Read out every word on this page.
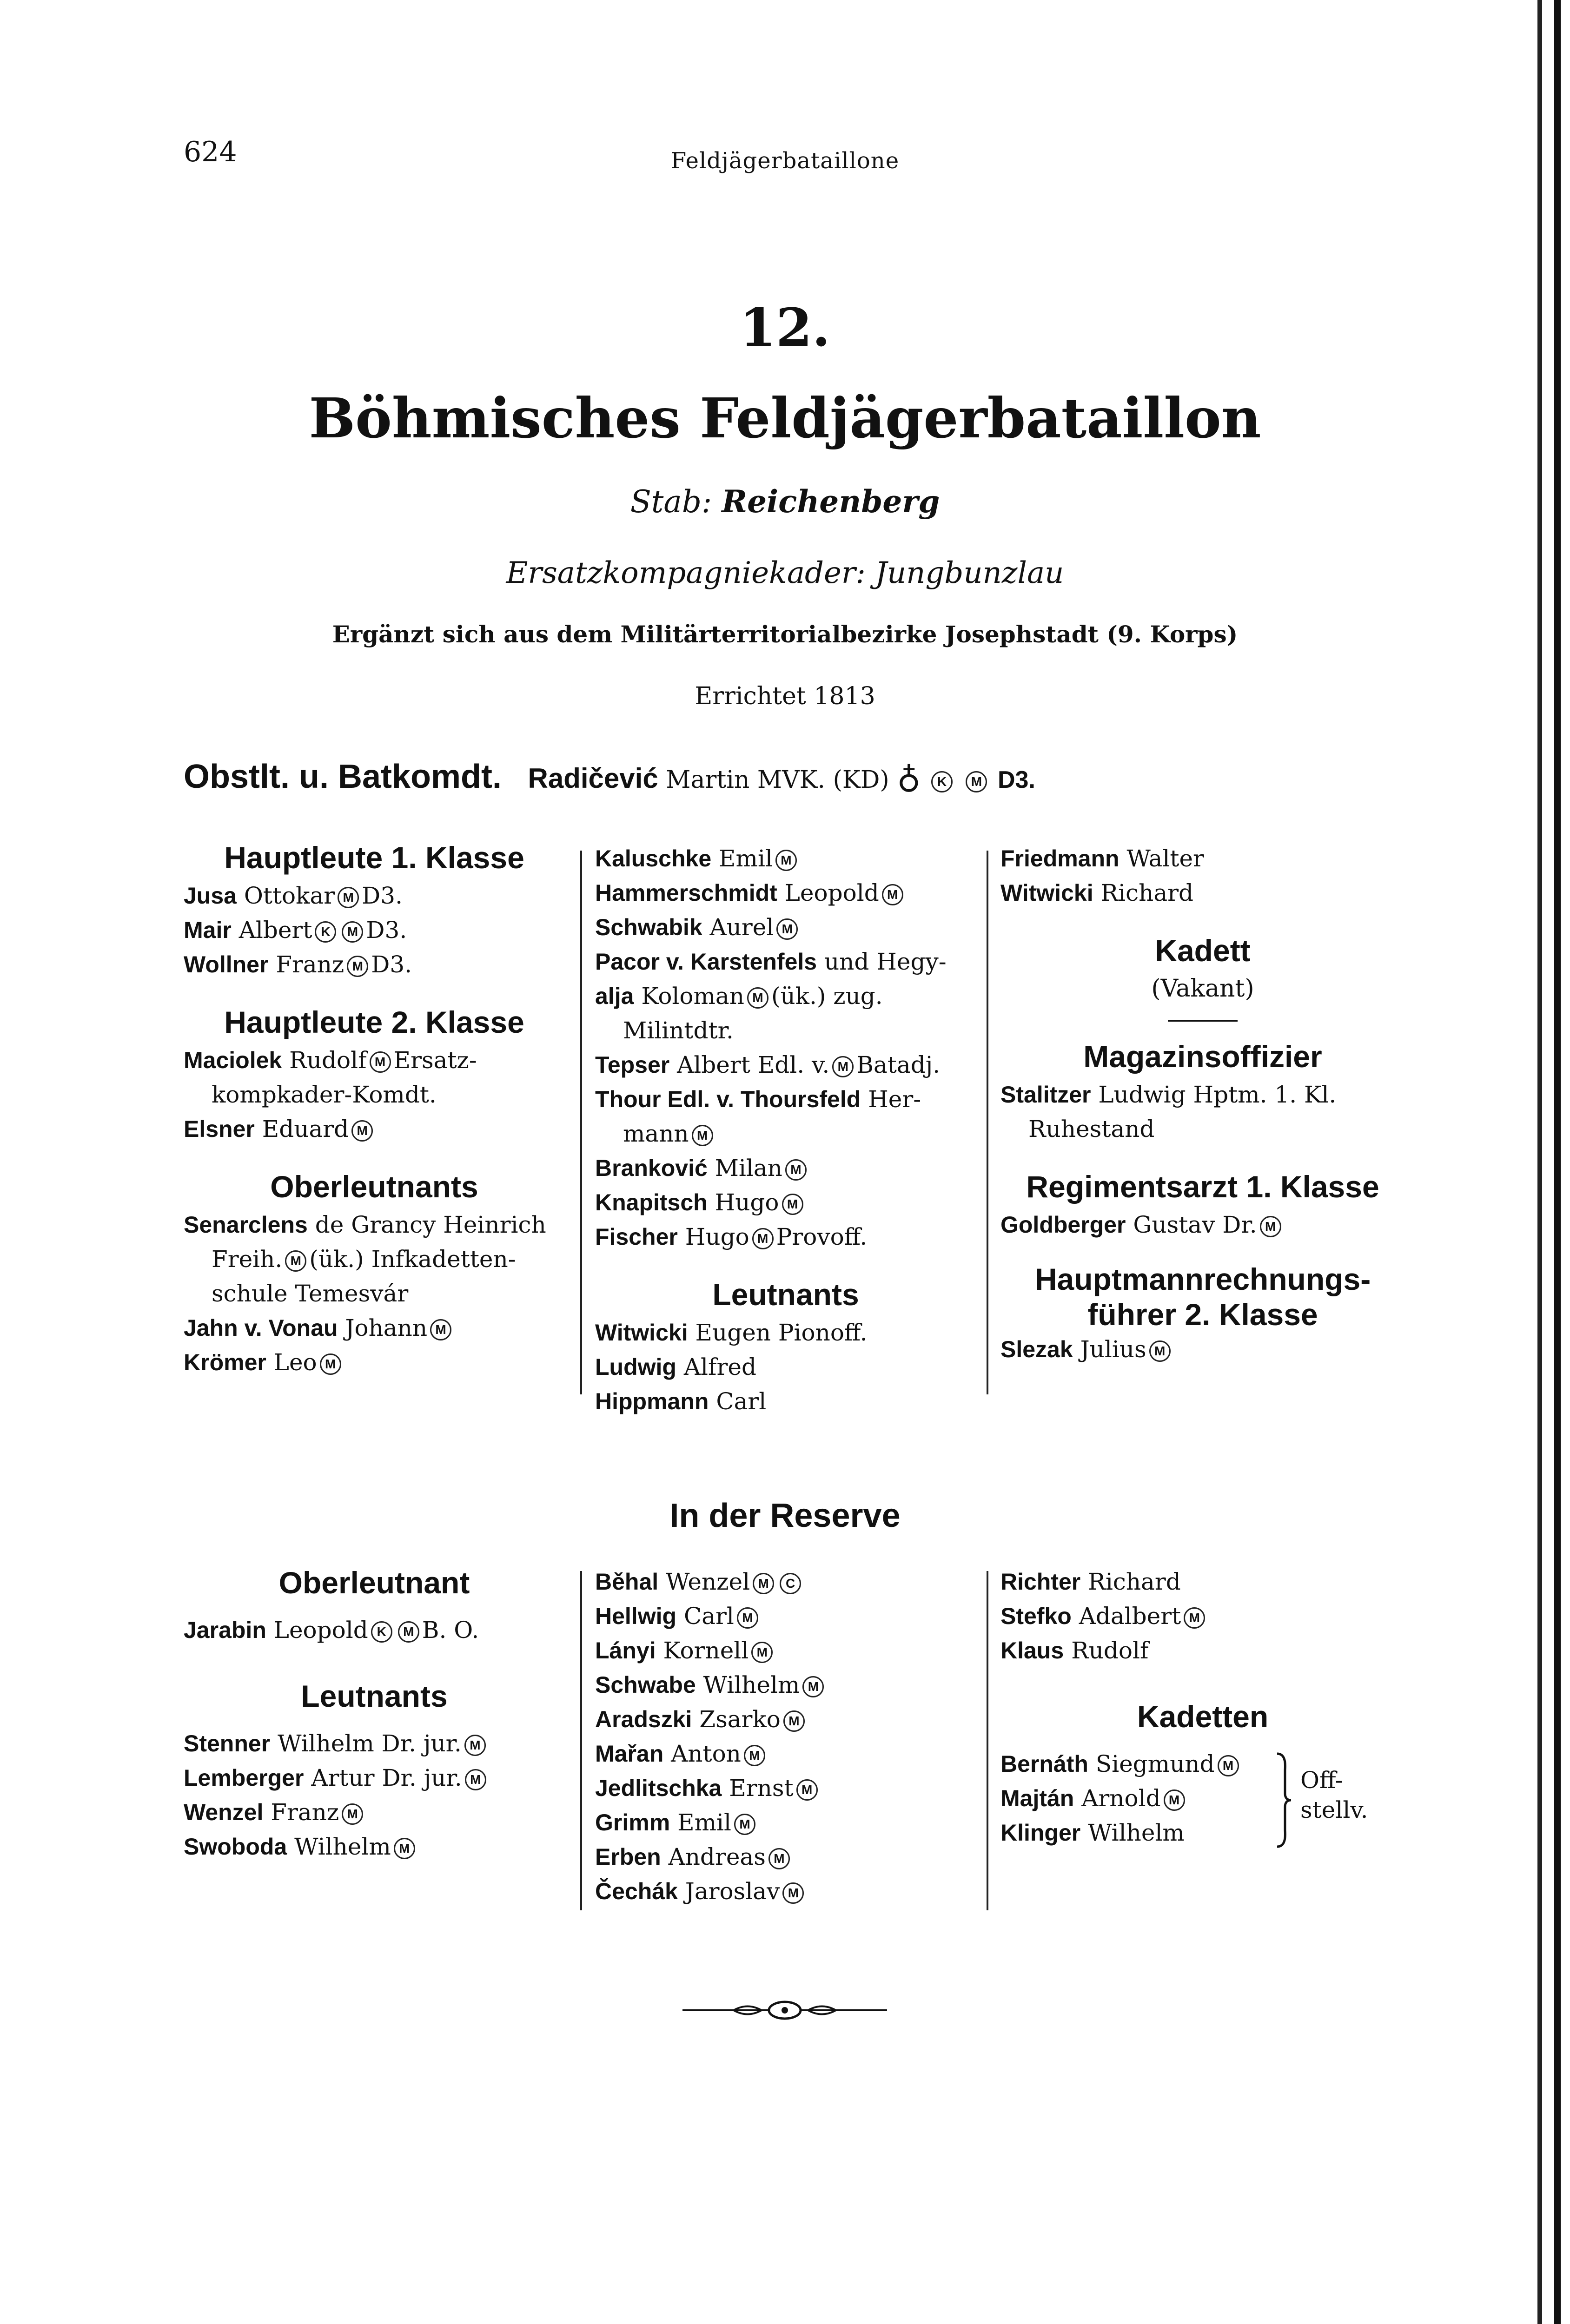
624	Feldjägerbataillone
12.
Böhmisches Feldjägerbataillon
Stab: Reichenberg
Ersatzkompagniekader: Jungbunzlau
Ergänzt sich aus dem Militärterritorialbezirke Josephstadt (9. Korps)
Errichtet 1813
Obstlt. u. Batkomdt. Radičević Martin MVK. (KD) ♁ K M D3.
Hauptleute 1. Klasse
Jusa Ottokar M D3.
Mair Albert K M D3.
Wollner Franz M D3.
Hauptleute 2. Klasse
Maciolek Rudolf M Ersatz-
kompkader-Komdt.
Elsner Eduard M
Oberleutnants
Senarclens de Grancy Heinrich
Freih. M (ük.) Infkadetten-
schule Temesvár
Jahn v. Vonau Johann M
Krömer Leo M
Kaluschke Emil M
Hammerschmidt Leopold M
Schwabik Aurel M
Pacor v. Karstenfels und Hegy-
alja Koloman M (ük.) zug.
Milintdtr.
Tepser Albert Edl. v. M Batadj.
Thour Edl. v. Thoursfeld Her-
mann M
Branković Milan M
Knapitsch Hugo M
Fischer Hugo M Provoff.
Leutnants
Witwicki Eugen Pionoff.
Ludwig Alfred
Hippmann Carl
Friedmann Walter
Witwicki Richard
Kadett
(Vakant)
Magazinsoffizier
Stalitzer Ludwig Hptm. 1. Kl.
Ruhestand
Regimentsarzt 1. Klasse
Goldberger Gustav Dr. M
Hauptmannrechnungs-
führer 2. Klasse
Slezak Julius M
In der Reserve
Oberleutnant
Jarabin Leopold K M B. O.
Leutnants
Stenner Wilhelm Dr. jur. M
Lemberger Artur Dr. jur. M
Wenzel Franz M
Swoboda Wilhelm M
Běhal Wenzel M C
Hellwig Carl M
Lányi Kornell M
Schwabe Wilhelm M
Aradszki Zsarko M
Mařan Anton M
Jedlitschka Ernst M
Grimm Emil M
Erben Andreas M
Čechák Jaroslav M
Richter Richard
Stefko Adalbert M
Klaus Rudolf
Kadetten
Bernáth Siegmund M
Majtán Arnold M
Klinger Wilhelm
Off-
stellv.
